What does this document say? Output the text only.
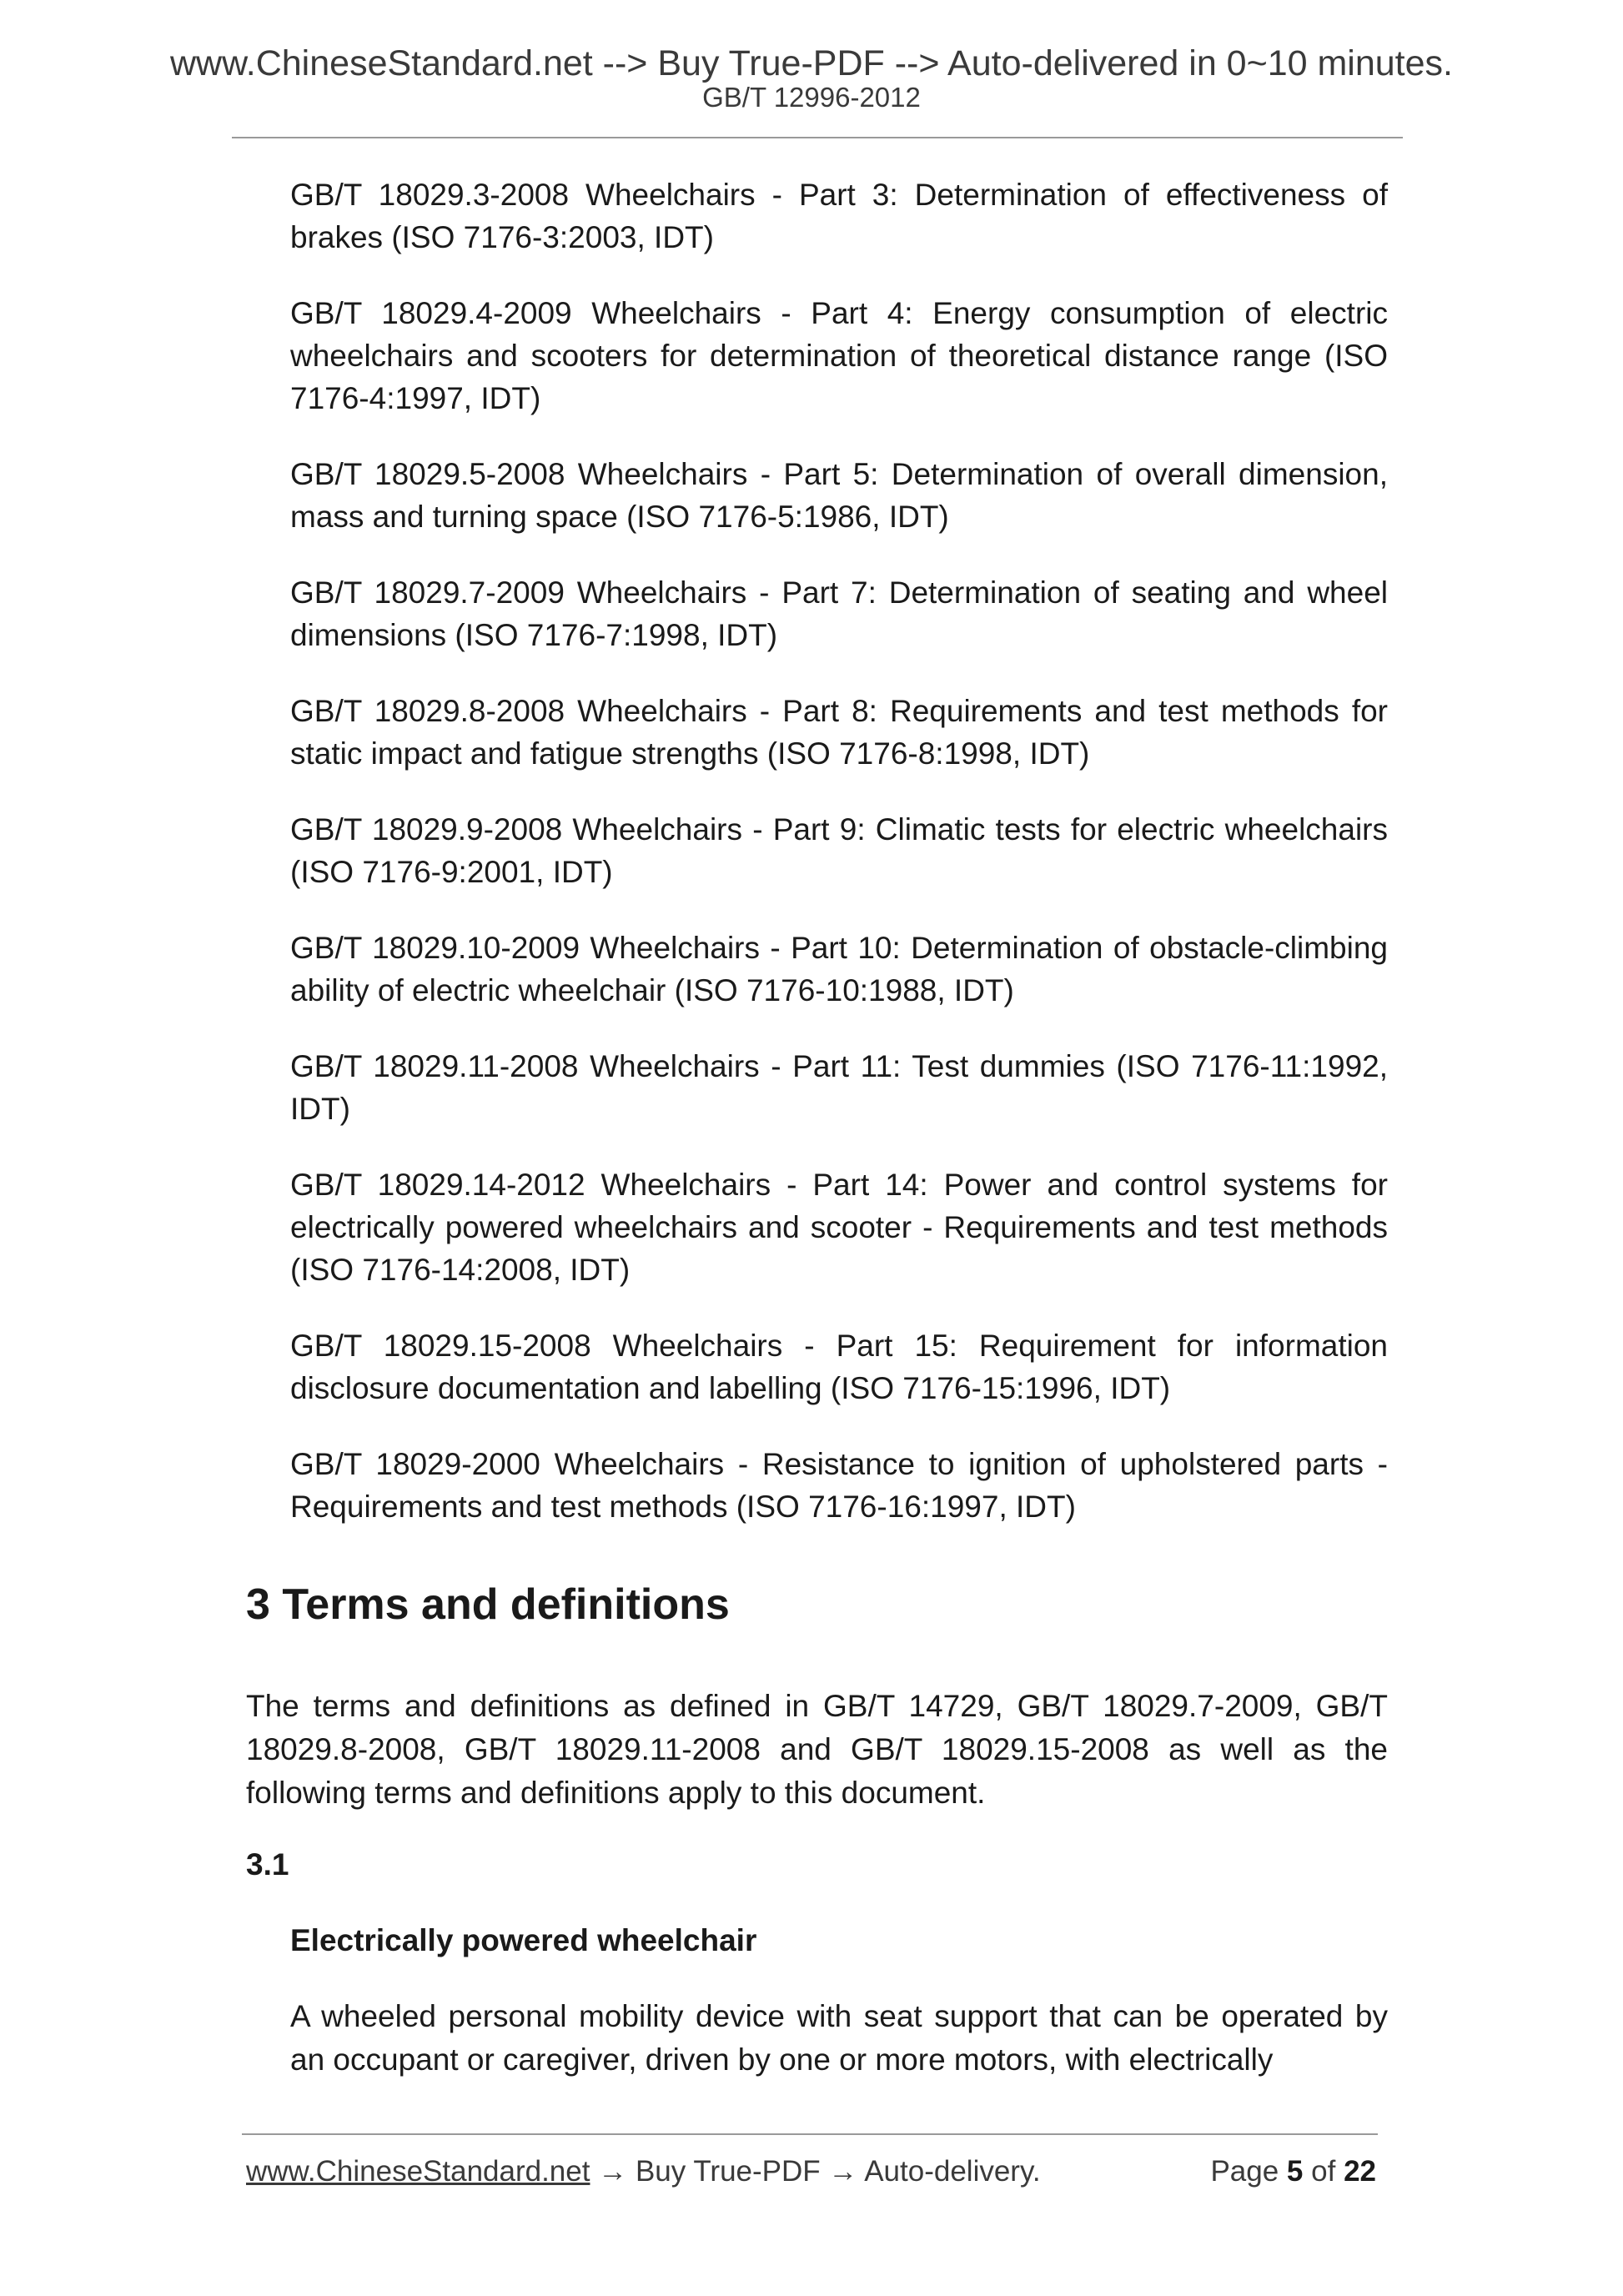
www.ChineseStandard.net --> Buy True-PDF --> Auto-delivered in 0~10 minutes.
GB/T 12996-2012

GB/T 18029.3-2008 Wheelchairs - Part 3: Determination of effectiveness of brakes (ISO 7176-3:2003, IDT)

GB/T 18029.4-2009 Wheelchairs - Part 4: Energy consumption of electric wheelchairs and scooters for determination of theoretical distance range (ISO 7176-4:1997, IDT)

GB/T 18029.5-2008 Wheelchairs - Part 5: Determination of overall dimension, mass and turning space (ISO 7176-5:1986, IDT)

GB/T 18029.7-2009 Wheelchairs - Part 7: Determination of seating and wheel dimensions (ISO 7176-7:1998, IDT)

GB/T 18029.8-2008 Wheelchairs - Part 8: Requirements and test methods for static impact and fatigue strengths (ISO 7176-8:1998, IDT)

GB/T 18029.9-2008 Wheelchairs - Part 9: Climatic tests for electric wheelchairs (ISO 7176-9:2001, IDT)

GB/T 18029.10-2009 Wheelchairs - Part 10: Determination of obstacle-climbing ability of electric wheelchair (ISO 7176-10:1988, IDT)

GB/T 18029.11-2008 Wheelchairs - Part 11: Test dummies (ISO 7176-11:1992, IDT)

GB/T 18029.14-2012 Wheelchairs - Part 14: Power and control systems for electrically powered wheelchairs and scooter - Requirements and test methods (ISO 7176-14:2008, IDT)

GB/T 18029.15-2008 Wheelchairs - Part 15: Requirement for information disclosure documentation and labelling (ISO 7176-15:1996, IDT)

GB/T 18029-2000 Wheelchairs - Resistance to ignition of upholstered parts - Requirements and test methods (ISO 7176-16:1997, IDT)

3 Terms and definitions

The terms and definitions as defined in GB/T 14729, GB/T 18029.7-2009, GB/T 18029.8-2008, GB/T 18029.11-2008 and GB/T 18029.15-2008 as well as the following terms and definitions apply to this document.

3.1
Electrically powered wheelchair

A wheeled personal mobility device with seat support that can be operated by an occupant or caregiver, driven by one or more motors, with electrically

www.ChineseStandard.net → Buy True-PDF → Auto-delivery.	Page 5 of 22
